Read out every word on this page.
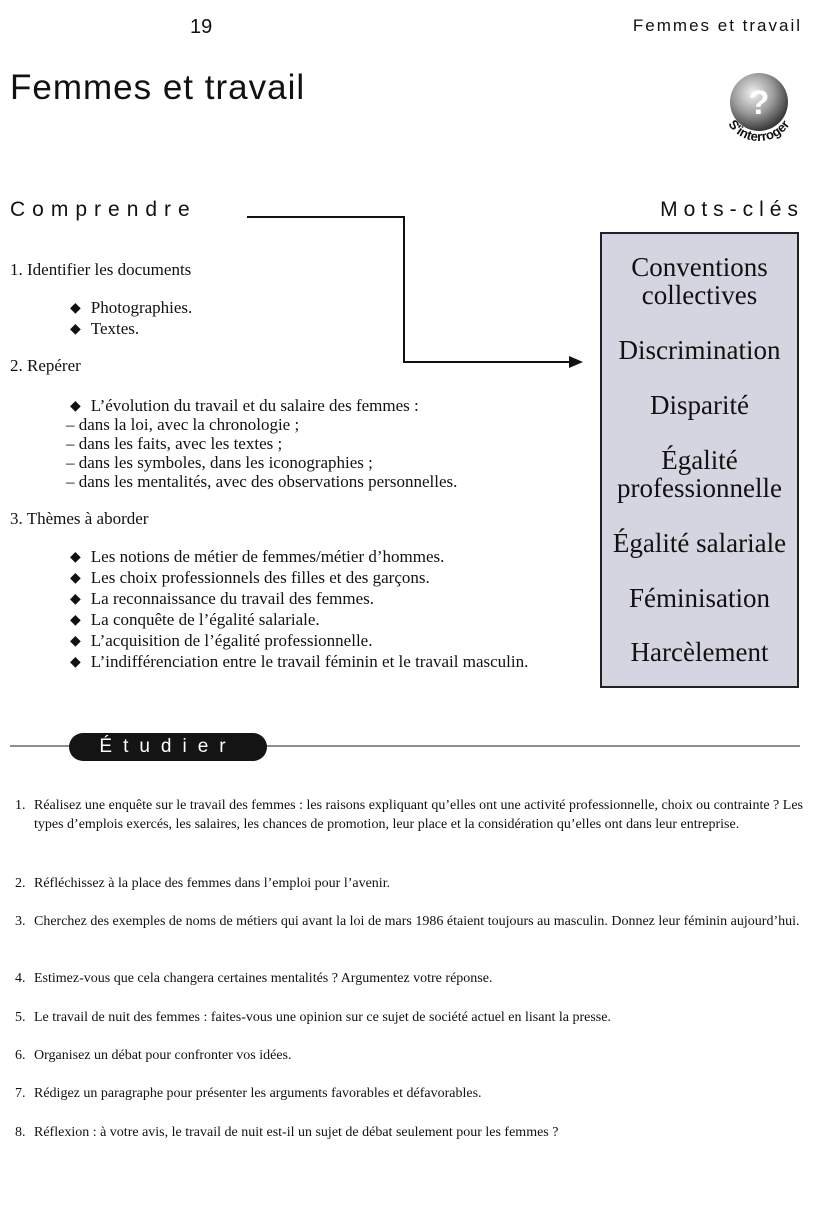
19	Femmes et travail
Femmes et travail	?
S'interroger
Comprendre	Mots-clés
1. Identifier les documents
◆ Photographies.
◆ Textes.
2. Repérer
◆ L’évolution du travail et du salaire des femmes :
– dans la loi, avec la chronologie ;
– dans les faits, avec les textes ;
– dans les symboles, dans les iconographies ;
– dans les mentalités, avec des observations personnelles.
3. Thèmes à aborder
◆ Les notions de métier de femmes/métier d’hommes.
◆ Les choix professionnels des filles et des garçons.
◆ La reconnaissance du travail des femmes.
◆ La conquête de l’égalité salariale.
◆ L’acquisition de l’égalité professionnelle.
◆ L’indifférenciation entre le travail féminin et le travail masculin.
Conventions collectives
Discrimination
Disparité
Égalité professionnelle
Égalité salariale
Féminisation
Harcèlement
Étudier
1. Réalisez une enquête sur le travail des femmes : les raisons expliquant qu’elles ont une activité professionnelle, choix ou contrainte ? Les types d’emplois exercés, les salaires, les chances de promotion, leur place et la considération qu’elles ont dans leur entreprise.
2. Réfléchissez à la place des femmes dans l’emploi pour l’avenir.
3. Cherchez des exemples de noms de métiers qui avant la loi de mars 1986 étaient toujours au masculin. Donnez leur féminin aujourd’hui.
4. Estimez-vous que cela changera certaines mentalités ? Argumentez votre réponse.
5. Le travail de nuit des femmes : faites-vous une opinion sur ce sujet de société actuel en lisant la presse.
6. Organisez un débat pour confronter vos idées.
7. Rédigez un paragraphe pour présenter les arguments favorables et défavorables.
8. Réflexion : à votre avis, le travail de nuit est-il un sujet de débat seulement pour les femmes ?
